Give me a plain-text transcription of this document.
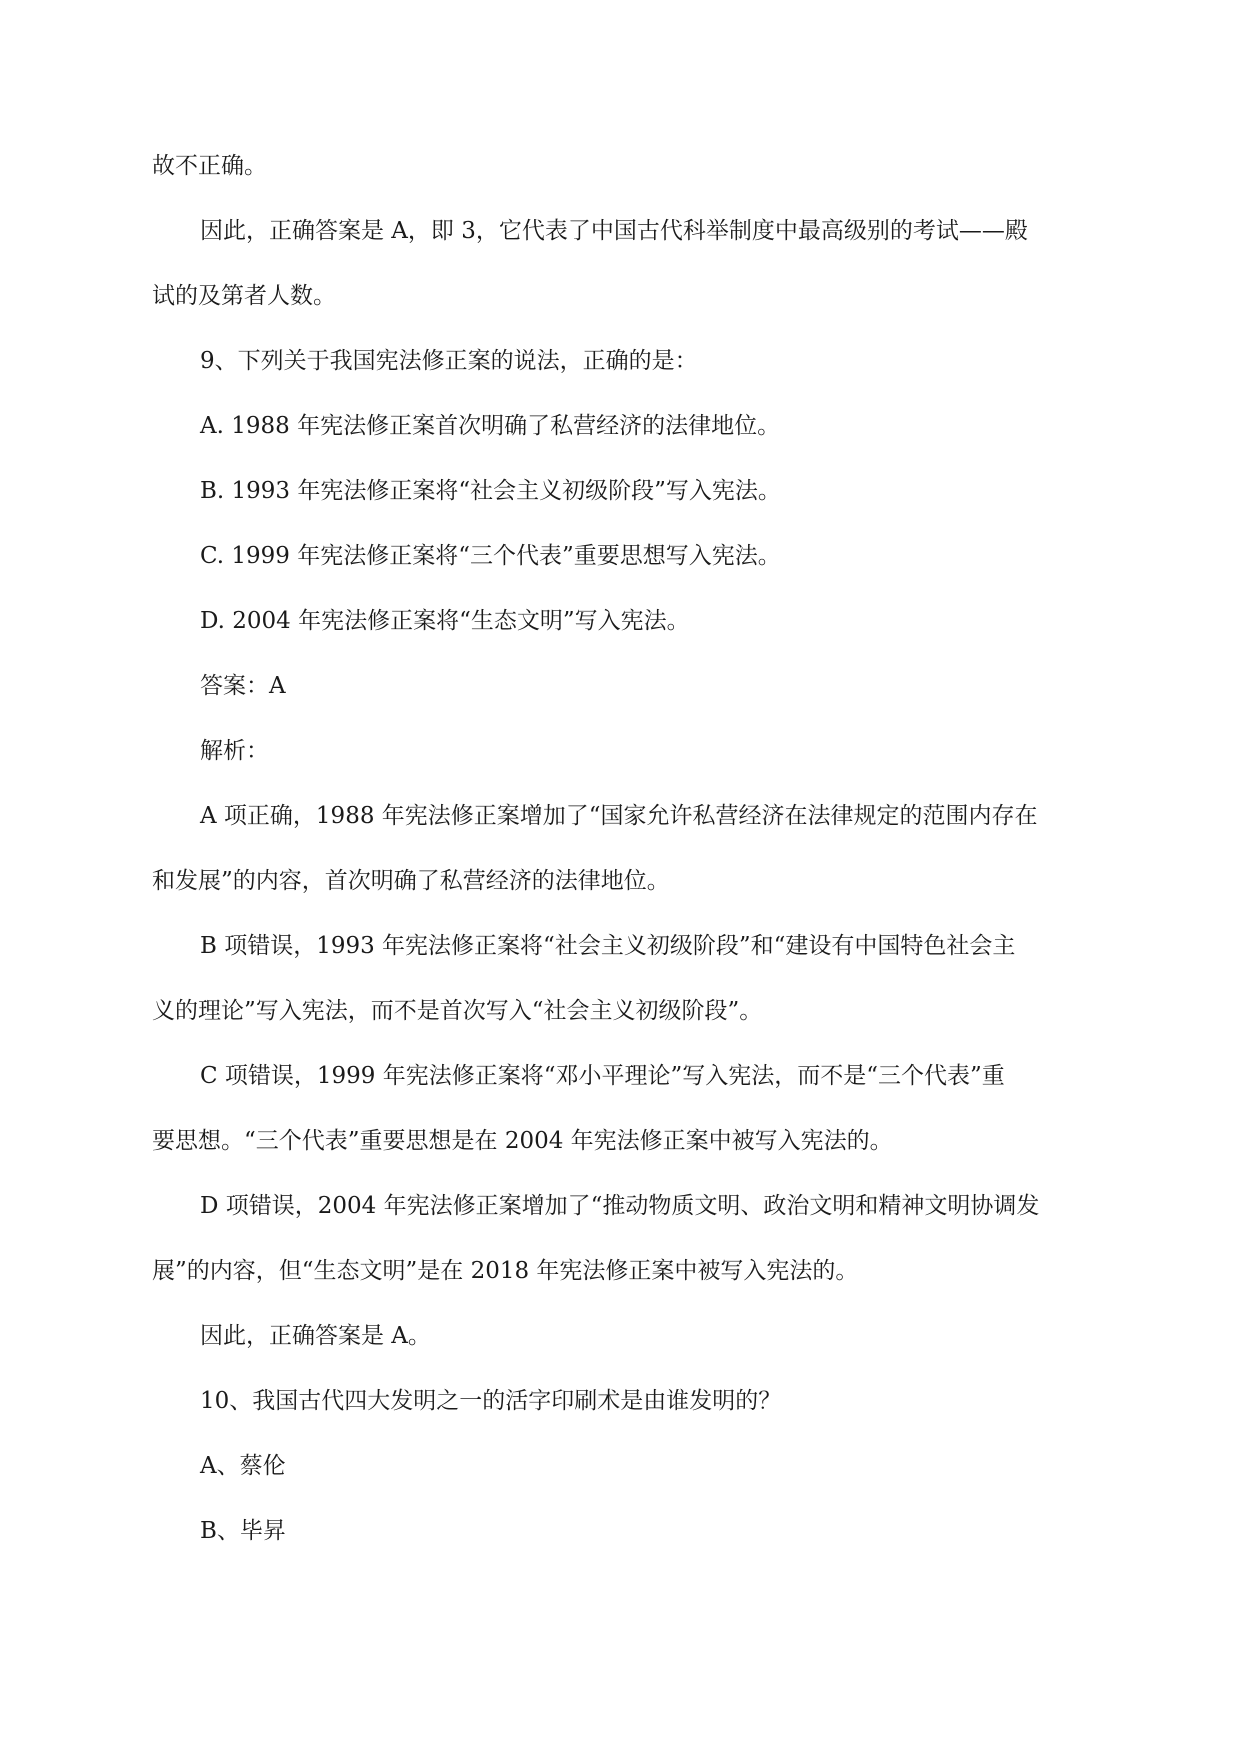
故不正确。
因此，正确答案是 A，即 3，它代表了中国古代科举制度中最高级别的考试——殿
试的及第者人数。
9、下列关于我国宪法修正案的说法，正确的是：
A. 1988 年宪法修正案首次明确了私营经济的法律地位。
B. 1993 年宪法修正案将“社会主义初级阶段”写入宪法。
C. 1999 年宪法修正案将“三个代表”重要思想写入宪法。
D. 2004 年宪法修正案将“生态文明”写入宪法。
答案：A
解析：
A 项正确，1988 年宪法修正案增加了“国家允许私营经济在法律规定的范围内存在
和发展”的内容，首次明确了私营经济的法律地位。
B 项错误，1993 年宪法修正案将“社会主义初级阶段”和“建设有中国特色社会主
义的理论”写入宪法，而不是首次写入“社会主义初级阶段”。
C 项错误，1999 年宪法修正案将“邓小平理论”写入宪法，而不是“三个代表”重
要思想。“三个代表”重要思想是在 2004 年宪法修正案中被写入宪法的。
D 项错误，2004 年宪法修正案增加了“推动物质文明、政治文明和精神文明协调发
展”的内容，但“生态文明”是在 2018 年宪法修正案中被写入宪法的。
因此，正确答案是 A。
10、我国古代四大发明之一的活字印刷术是由谁发明的？
A、蔡伦
B、毕昇
